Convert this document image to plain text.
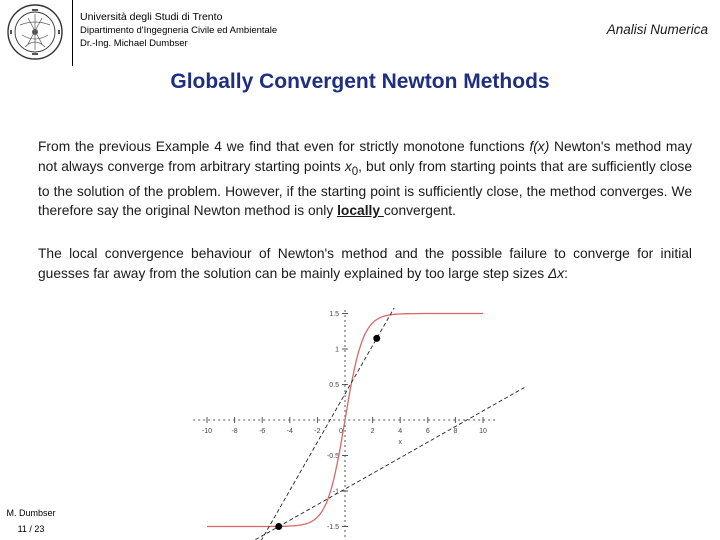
Università degli Studi di Trento
Dipartimento d'Ingegneria Civile ed Ambientale
Dr.-Ing. Michael Dumbser
Analisi Numerica
Globally Convergent Newton Methods
From the previous Example 4 we find that even for strictly monotone functions f(x) Newton's method may not always converge from arbitrary starting points $x_0$, but only from starting points that are sufficiently close to the solution of the problem. However, if the starting point is sufficiently close, the method converges. We therefore say the original Newton method is only locally convergent.
The local convergence behaviour of Newton's method and the possible failure to converge for initial guesses far away from the solution can be mainly explained by too large step sizes Δx:
-10	-8	-6	-4	-2	2	4	6	8	10
0
x
1.5
1
0.5
-0.5
-1
-1.5
M. Dumbser
11 / 23
